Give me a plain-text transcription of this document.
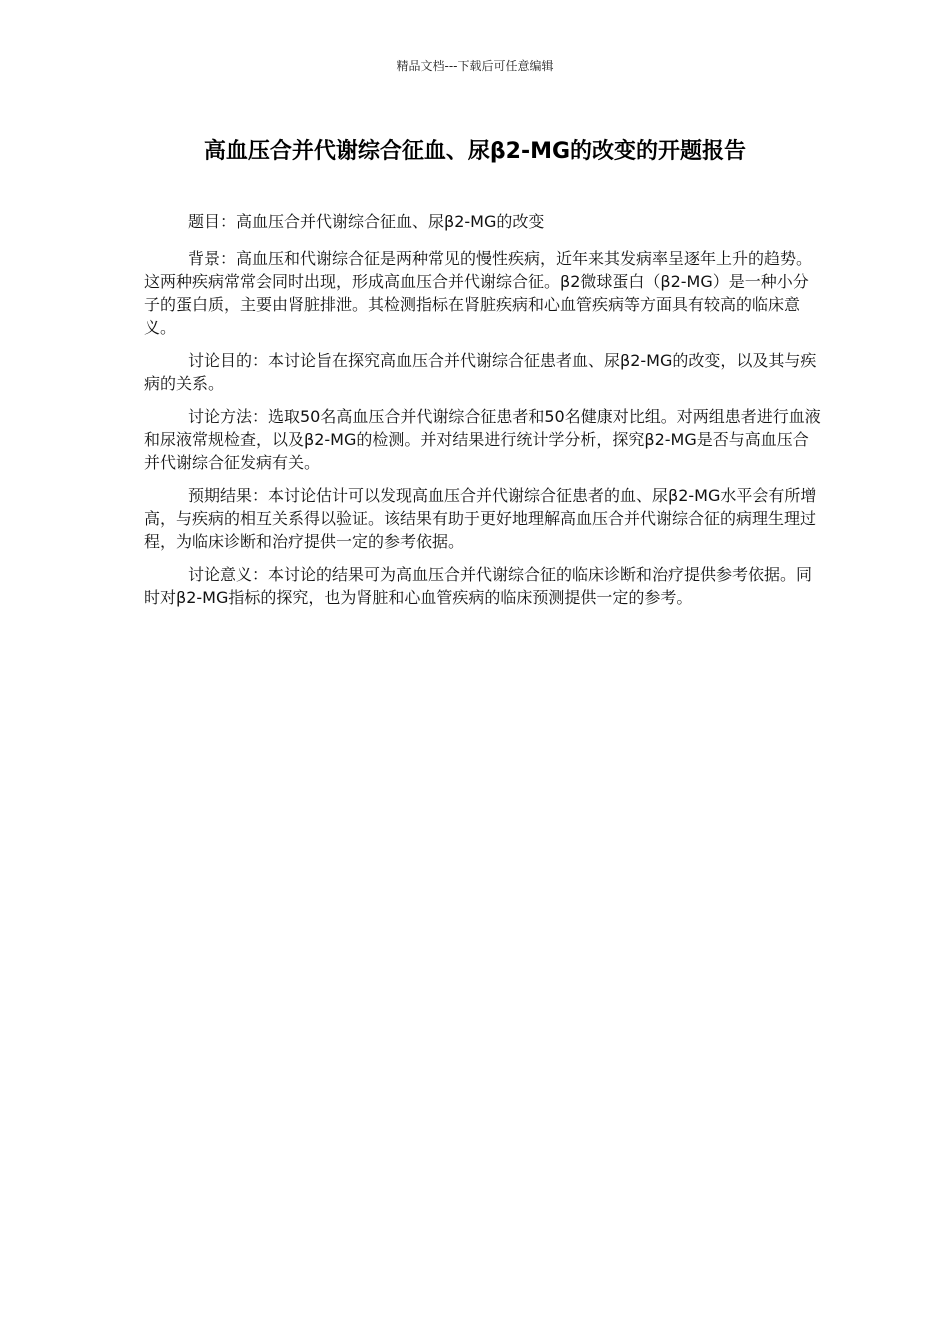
精品文档---下载后可任意编辑
高血压合并代谢综合征血、尿β2-MG的改变的开题报告

题目：高血压合并代谢综合征血、尿β2-MG的改变

背景：高血压和代谢综合征是两种常见的慢性疾病，近年来其发病率呈逐年上升的趋势。这两种疾病常常会同时出现，形成高血压合并代谢综合征。β2微球蛋白（β2-MG）是一种小分子的蛋白质，主要由肾脏排泄。其检测指标在肾脏疾病和心血管疾病等方面具有较高的临床意义。

讨论目的：本讨论旨在探究高血压合并代谢综合征患者血、尿β2-MG的改变，以及其与疾病的关系。

讨论方法：选取50名高血压合并代谢综合征患者和50名健康对比组。对两组患者进行血液和尿液常规检查，以及β2-MG的检测。并对结果进行统计学分析，探究β2-MG是否与高血压合并代谢综合征发病有关。

预期结果：本讨论估计可以发现高血压合并代谢综合征患者的血、尿β2-MG水平会有所增高，与疾病的相互关系得以验证。该结果有助于更好地理解高血压合并代谢综合征的病理生理过程，为临床诊断和治疗提供一定的参考依据。

讨论意义：本讨论的结果可为高血压合并代谢综合征的临床诊断和治疗提供参考依据。同时对β2-MG指标的探究，也为肾脏和心血管疾病的临床预测提供一定的参考。
